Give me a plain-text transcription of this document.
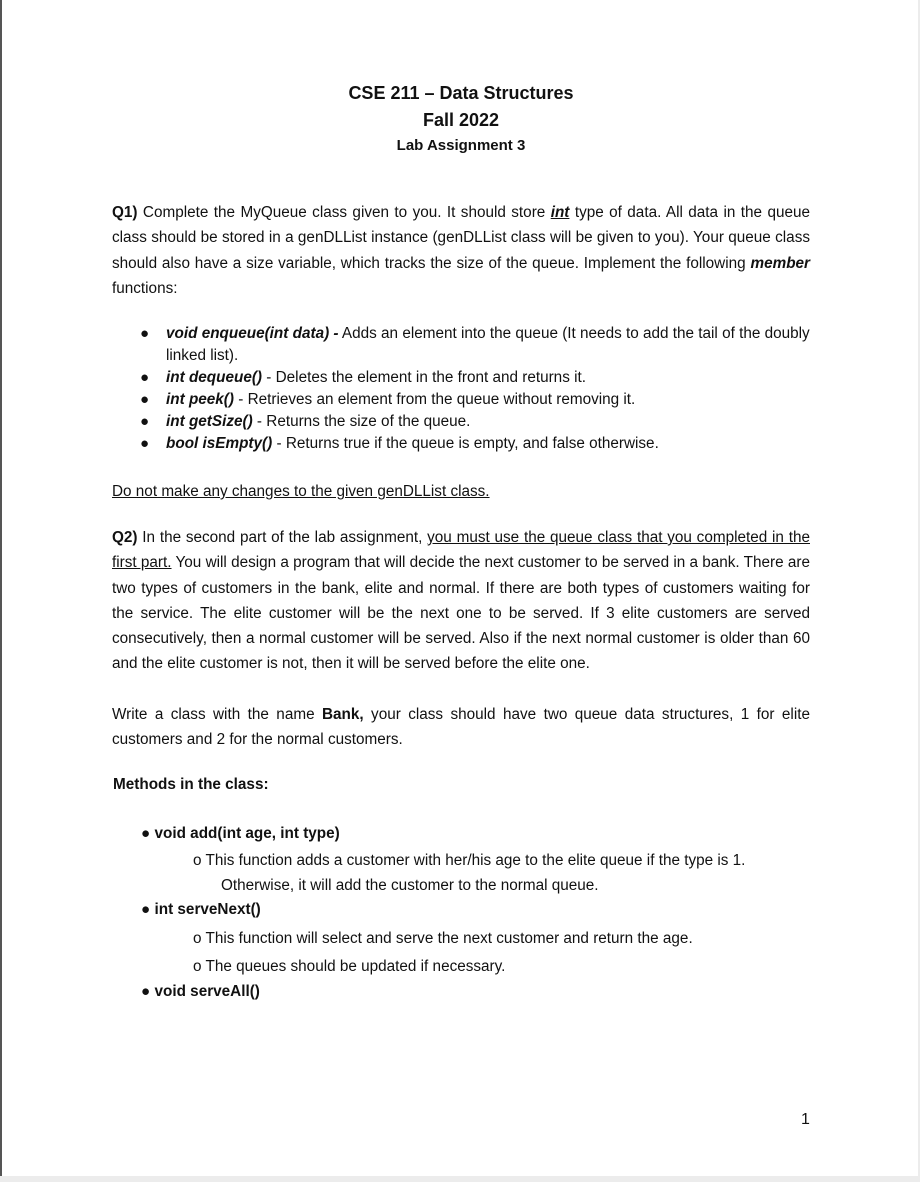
CSE 211 – Data Structures
Fall 2022
Lab Assignment 3

Q1) Complete the MyQueue class given to you. It should store int type of data. All data in the queue class should be stored in a genDLList instance (genDLList class will be given to you). Your queue class should also have a size variable, which tracks the size of the queue. Implement the following member functions:

● void enqueue(int data) - Adds an element into the queue (It needs to add the tail of the doubly linked list).
● int dequeue() - Deletes the element in the front and returns it.
● int peek() - Retrieves an element from the queue without removing it.
● int getSize() - Returns the size of the queue.
● bool isEmpty() - Returns true if the queue is empty, and false otherwise.
Do not make any changes to the given genDLList class.

Q2) In the second part of the lab assignment, you must use the queue class that you completed in the first part. You will design a program that will decide the next customer to be served in a bank. There are two types of customers in the bank, elite and normal. If there are both types of customers waiting for the service. The elite customer will be the next one to be served. If 3 elite customers are served consecutively, then a normal customer will be served. Also if the next normal customer is older than 60 and the elite customer is not, then it will be served before the elite one.

Write a class with the name Bank, your class should have two queue data structures, 1 for elite customers and 2 for the normal customers.

Methods in the class:
● void add(int age, int type)
o This function adds a customer with her/his age to the elite queue if the type is 1.
Otherwise, it will add the customer to the normal queue.
● int serveNext()
o This function will select and serve the next customer and return the age.
o The queues should be updated if necessary.
● void serveAll()
1
